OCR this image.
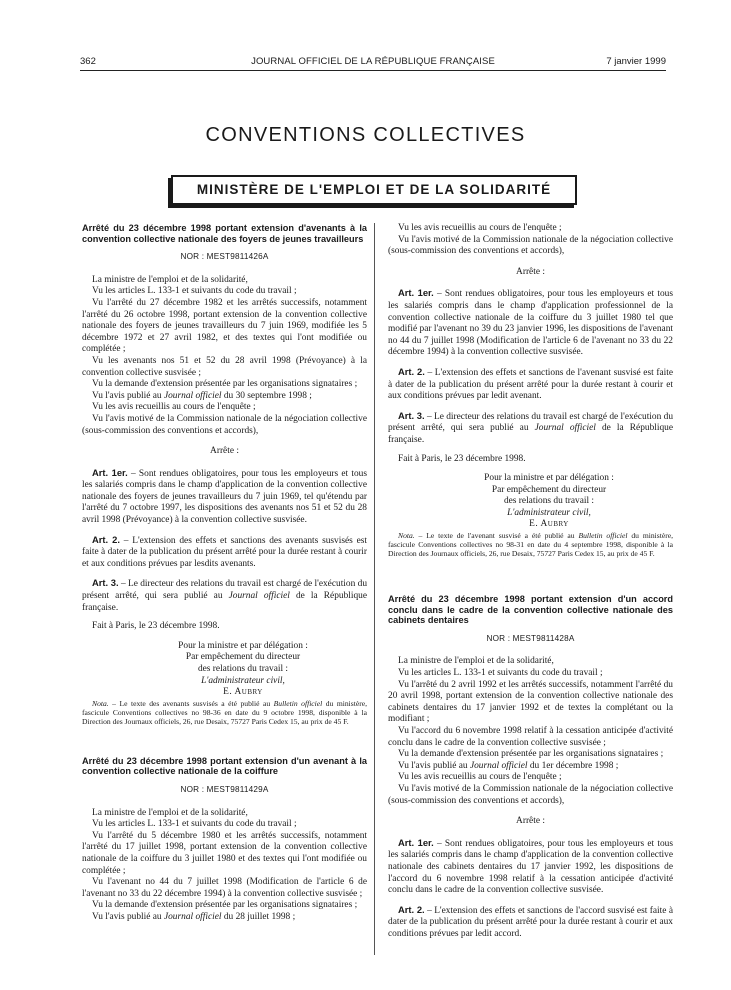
362	JOURNAL OFFICIEL DE LA RÉPUBLIQUE FRANÇAISE	7 janvier 1999
CONVENTIONS COLLECTIVES
MINISTÈRE DE L'EMPLOI ET DE LA SOLIDARITÉ

Arrêté du 23 décembre 1998 portant extension d'avenants à la convention collective nationale des foyers de jeunes travailleurs

NOR : MEST9811426A

La ministre de l'emploi et de la solidarité,

Vu les articles L. 133-1 et suivants du code du travail ;

Vu l'arrêté du 27 décembre 1982 et les arrêtés successifs, notamment l'arrêté du 26 octobre 1998, portant extension de la convention collective nationale des foyers de jeunes travailleurs du 7 juin 1969, modifiée les 5 décembre 1972 et 27 avril 1982, et des textes qui l'ont modifiée ou complétée ;

Vu les avenants nos 51 et 52 du 28 avril 1998 (Prévoyance) à la convention collective susvisée ;

Vu la demande d'extension présentée par les organisations signataires ;

Vu l'avis publié au Journal officiel du 30 septembre 1998 ;

Vu les avis recueillis au cours de l'enquête ;

Vu l'avis motivé de la Commission nationale de la négociation collective (sous-commission des conventions et accords),

Arrête :

Art. 1er. – Sont rendues obligatoires, pour tous les employeurs et tous les salariés compris dans le champ d'application de la convention collective nationale des foyers de jeunes travailleurs du 7 juin 1969, tel qu'étendu par l'arrêté du 7 octobre 1997, les dispositions des avenants nos 51 et 52 du 28 avril 1998 (Prévoyance) à la convention collective susvisée.

Art. 2. – L'extension des effets et sanctions des avenants susvisés est faite à dater de la publication du présent arrêté pour la durée restant à courir et aux conditions prévues par lesdits avenants.

Art. 3. – Le directeur des relations du travail est chargé de l'exécution du présent arrêté, qui sera publié au Journal officiel de la République française.

Fait à Paris, le 23 décembre 1998.

Pour la ministre et par délégation :
Par empêchement du directeur
des relations du travail :
L'administrateur civil,
E. Aubry

Nota. – Le texte des avenants susvisés a été publié au Bulletin officiel du ministère, fascicule Conventions collectives no 98-36 en date du 9 octobre 1998, disponible à la Direction des Journaux officiels, 26, rue Desaix, 75727 Paris Cedex 15, au prix de 45 F.

Arrêté du 23 décembre 1998 portant extension d'un avenant à la convention collective nationale de la coiffure

NOR : MEST9811429A

La ministre de l'emploi et de la solidarité,

Vu les articles L. 133-1 et suivants du code du travail ;

Vu l'arrêté du 5 décembre 1980 et les arrêtés successifs, notamment l'arrêté du 17 juillet 1998, portant extension de la convention collective nationale de la coiffure du 3 juillet 1980 et des textes qui l'ont modifiée ou complétée ;

Vu l'avenant no 44 du 7 juillet 1998 (Modification de l'article 6 de l'avenant no 33 du 22 décembre 1994) à la convention collective susvisée ;

Vu la demande d'extension présentée par les organisations signataires ;

Vu l'avis publié au Journal officiel du 28 juillet 1998 ;

Vu les avis recueillis au cours de l'enquête ;

Vu l'avis motivé de la Commission nationale de la négociation collective (sous-commission des conventions et accords),

Arrête :

Art. 1er. – Sont rendues obligatoires, pour tous les employeurs et tous les salariés compris dans le champ d'application professionnel de la convention collective nationale de la coiffure du 3 juillet 1980 tel que modifié par l'avenant no 39 du 23 janvier 1996, les dispositions de l'avenant no 44 du 7 juillet 1998 (Modification de l'article 6 de l'avenant no 33 du 22 décembre 1994) à la convention collective susvisée.

Art. 2. – L'extension des effets et sanctions de l'avenant susvisé est faite à dater de la publication du présent arrêté pour la durée restant à courir et aux conditions prévues par ledit avenant.

Art. 3. – Le directeur des relations du travail est chargé de l'exécution du présent arrêté, qui sera publié au Journal officiel de la République française.

Fait à Paris, le 23 décembre 1998.

Pour la ministre et par délégation :
Par empêchement du directeur
des relations du travail :
L'administrateur civil,
E. Aubry

Nota. – Le texte de l'avenant susvisé a été publié au Bulletin officiel du ministère, fascicule Conventions collectives no 98-31 en date du 4 septembre 1998, disponible à la Direction des Journaux officiels, 26, rue Desaix, 75727 Paris Cedex 15, au prix de 45 F.

Arrêté du 23 décembre 1998 portant extension d'un accord conclu dans le cadre de la convention collective nationale des cabinets dentaires

NOR : MEST9811428A

La ministre de l'emploi et de la solidarité,

Vu les articles L. 133-1 et suivants du code du travail ;

Vu l'arrêté du 2 avril 1992 et les arrêtés successifs, notamment l'arrêté du 20 avril 1998, portant extension de la convention collective nationale des cabinets dentaires du 17 janvier 1992 et de textes la complétant ou la modifiant ;

Vu l'accord du 6 novembre 1998 relatif à la cessation anticipée d'activité conclu dans le cadre de la convention collective susvisée ;

Vu la demande d'extension présentée par les organisations signataires ;

Vu l'avis publié au Journal officiel du 1er décembre 1998 ;

Vu les avis recueillis au cours de l'enquête ;

Vu l'avis motivé de la Commission nationale de la négociation collective (sous-commission des conventions et accords),

Arrête :

Art. 1er. – Sont rendues obligatoires, pour tous les employeurs et tous les salariés compris dans le champ d'application de la convention collective nationale des cabinets dentaires du 17 janvier 1992, les dispositions de l'accord du 6 novembre 1998 relatif à la cessation anticipée d'activité conclu dans le cadre de la convention collective susvisée.

Art. 2. – L'extension des effets et sanctions de l'accord susvisé est faite à dater de la publication du présent arrêté pour la durée restant à courir et aux conditions prévues par ledit accord.
